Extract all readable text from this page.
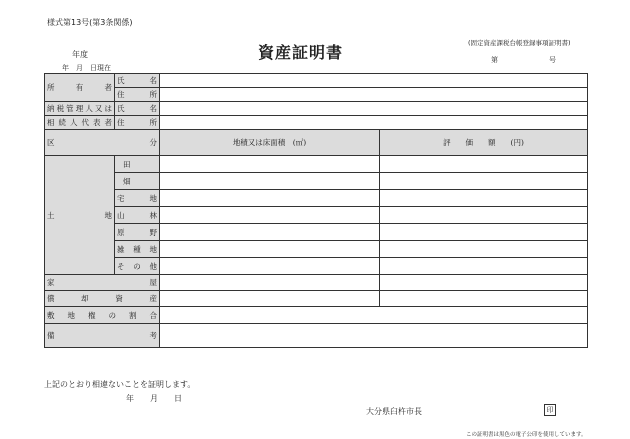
様式第13号(第3条関係)
年度
年　月　日現在
資産証明書	(固定資産課税台帳登録事項証明書)
第	号
所　有　者	氏　　名		
	住　　所		
納税管理人又は	氏　　名		
相続人代表者	住　　所		
区　　　　分		地積又は床面積　(㎡)	評　　価　　額　　(円)
土　　　　地	田		
	畑		
	宅　地		
	山　林		
	原　野		
	雑種地		
	その他		
家　　　　屋			
償　却　資　産			
敷 地 権 の 割 合			
備　　　　考			
上記のとおり相違ないことを証明します。
年　　月　　日
大分県臼杵市長	印
この証明書は黒色の電子公印を使用しています。
